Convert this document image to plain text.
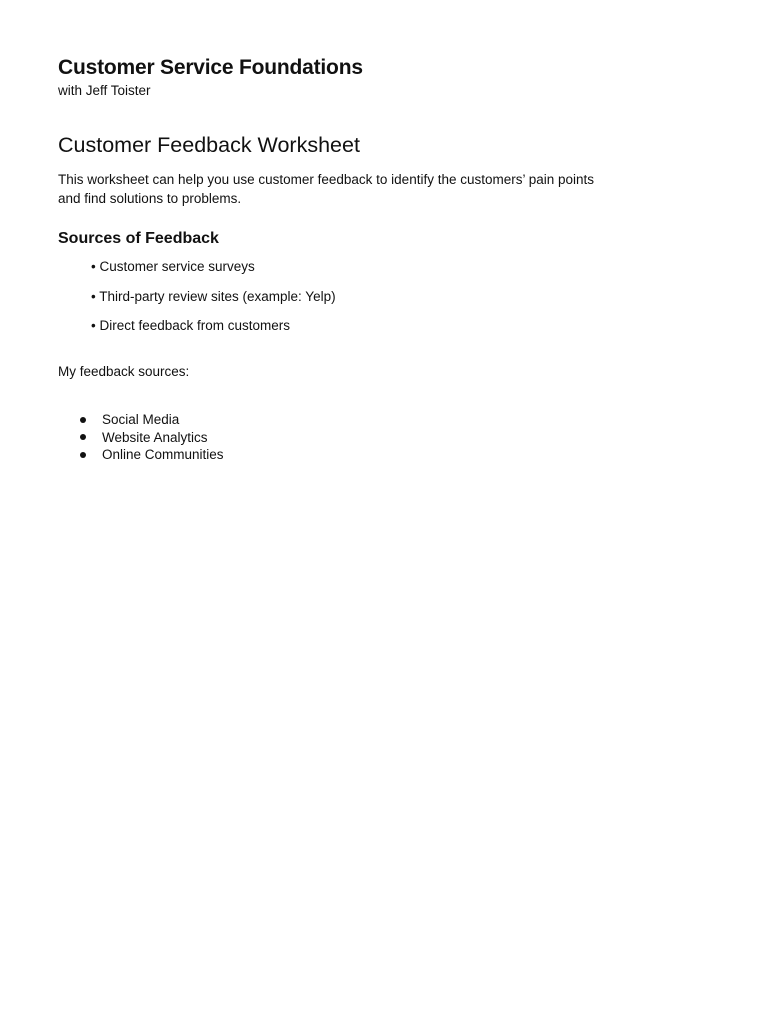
Customer Service Foundations

with Jeff Toister

Customer Feedback Worksheet

This worksheet can help you use customer feedback to identify the customers’ pain points
and find solutions to problems.

Sources of Feedback
• Customer service surveys
• Third-party review sites (example: Yelp)
• Direct feedback from customers

My feedback sources:

Social Media
Website Analytics
Online Communities
